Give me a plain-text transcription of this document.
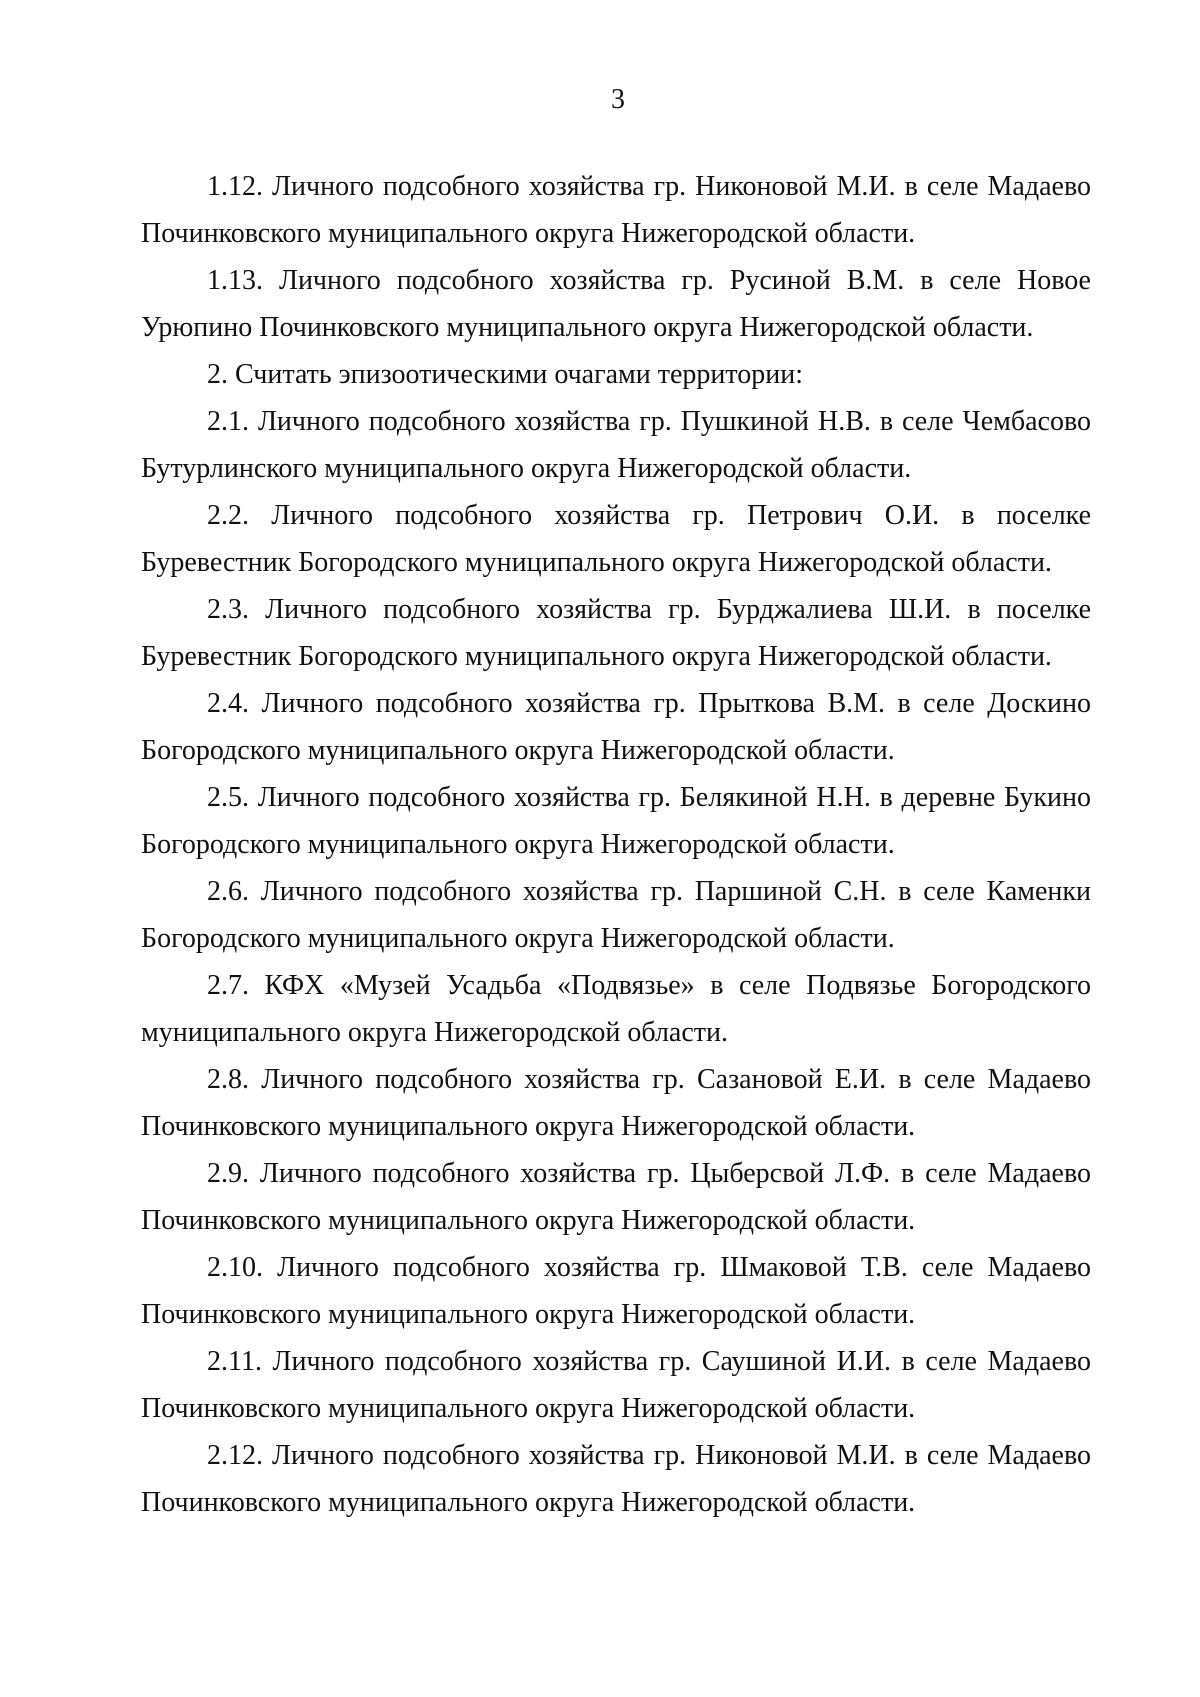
3

1.12. Личного подсобного хозяйства гр. Никоновой М.И. в селе Мадаево Починковского муниципального округа Нижегородской области.

1.13. Личного подсобного хозяйства гр. Русиной В.М. в селе Новое Урюпино Починковского муниципального округа Нижегородской области.

2. Считать эпизоотическими очагами территории:

2.1. Личного подсобного хозяйства гр. Пушкиной Н.В. в селе Чембасово Бутурлинского муниципального округа Нижегородской области.

2.2. Личного подсобного хозяйства гр. Петрович О.И. в поселке Буревестник Богородского муниципального округа Нижегородской области.

2.3. Личного подсобного хозяйства гр. Бурджалиева Ш.И. в поселке Буревестник Богородского муниципального округа Нижегородской области.

2.4. Личного подсобного хозяйства гр. Прыткова В.М. в селе Доскино Богородского муниципального округа Нижегородской области.

2.5. Личного подсобного хозяйства гр. Белякиной Н.Н. в деревне Букино Богородского муниципального округа Нижегородской области.

2.6. Личного подсобного хозяйства гр. Паршиной С.Н. в селе Каменки Богородского муниципального округа Нижегородской области.

2.7. КФХ «Музей Усадьба «Подвязье» в селе Подвязье Богородского муниципального округа Нижегородской области.

2.8. Личного подсобного хозяйства гр. Сазановой Е.И. в селе Мадаево Починковского муниципального округа Нижегородской области.

2.9. Личного подсобного хозяйства гр. Цыберсвой Л.Ф. в селе Мадаево Починковского муниципального округа Нижегородской области.

2.10. Личного подсобного хозяйства гр. Шмаковой Т.В. селе Мадаево Починковского муниципального округа Нижегородской области.

2.11. Личного подсобного хозяйства гр. Саушиной И.И. в селе Мадаево Починковского муниципального округа Нижегородской области.

2.12. Личного подсобного хозяйства гр. Никоновой М.И. в селе Мадаево Починковского муниципального округа Нижегородской области.
